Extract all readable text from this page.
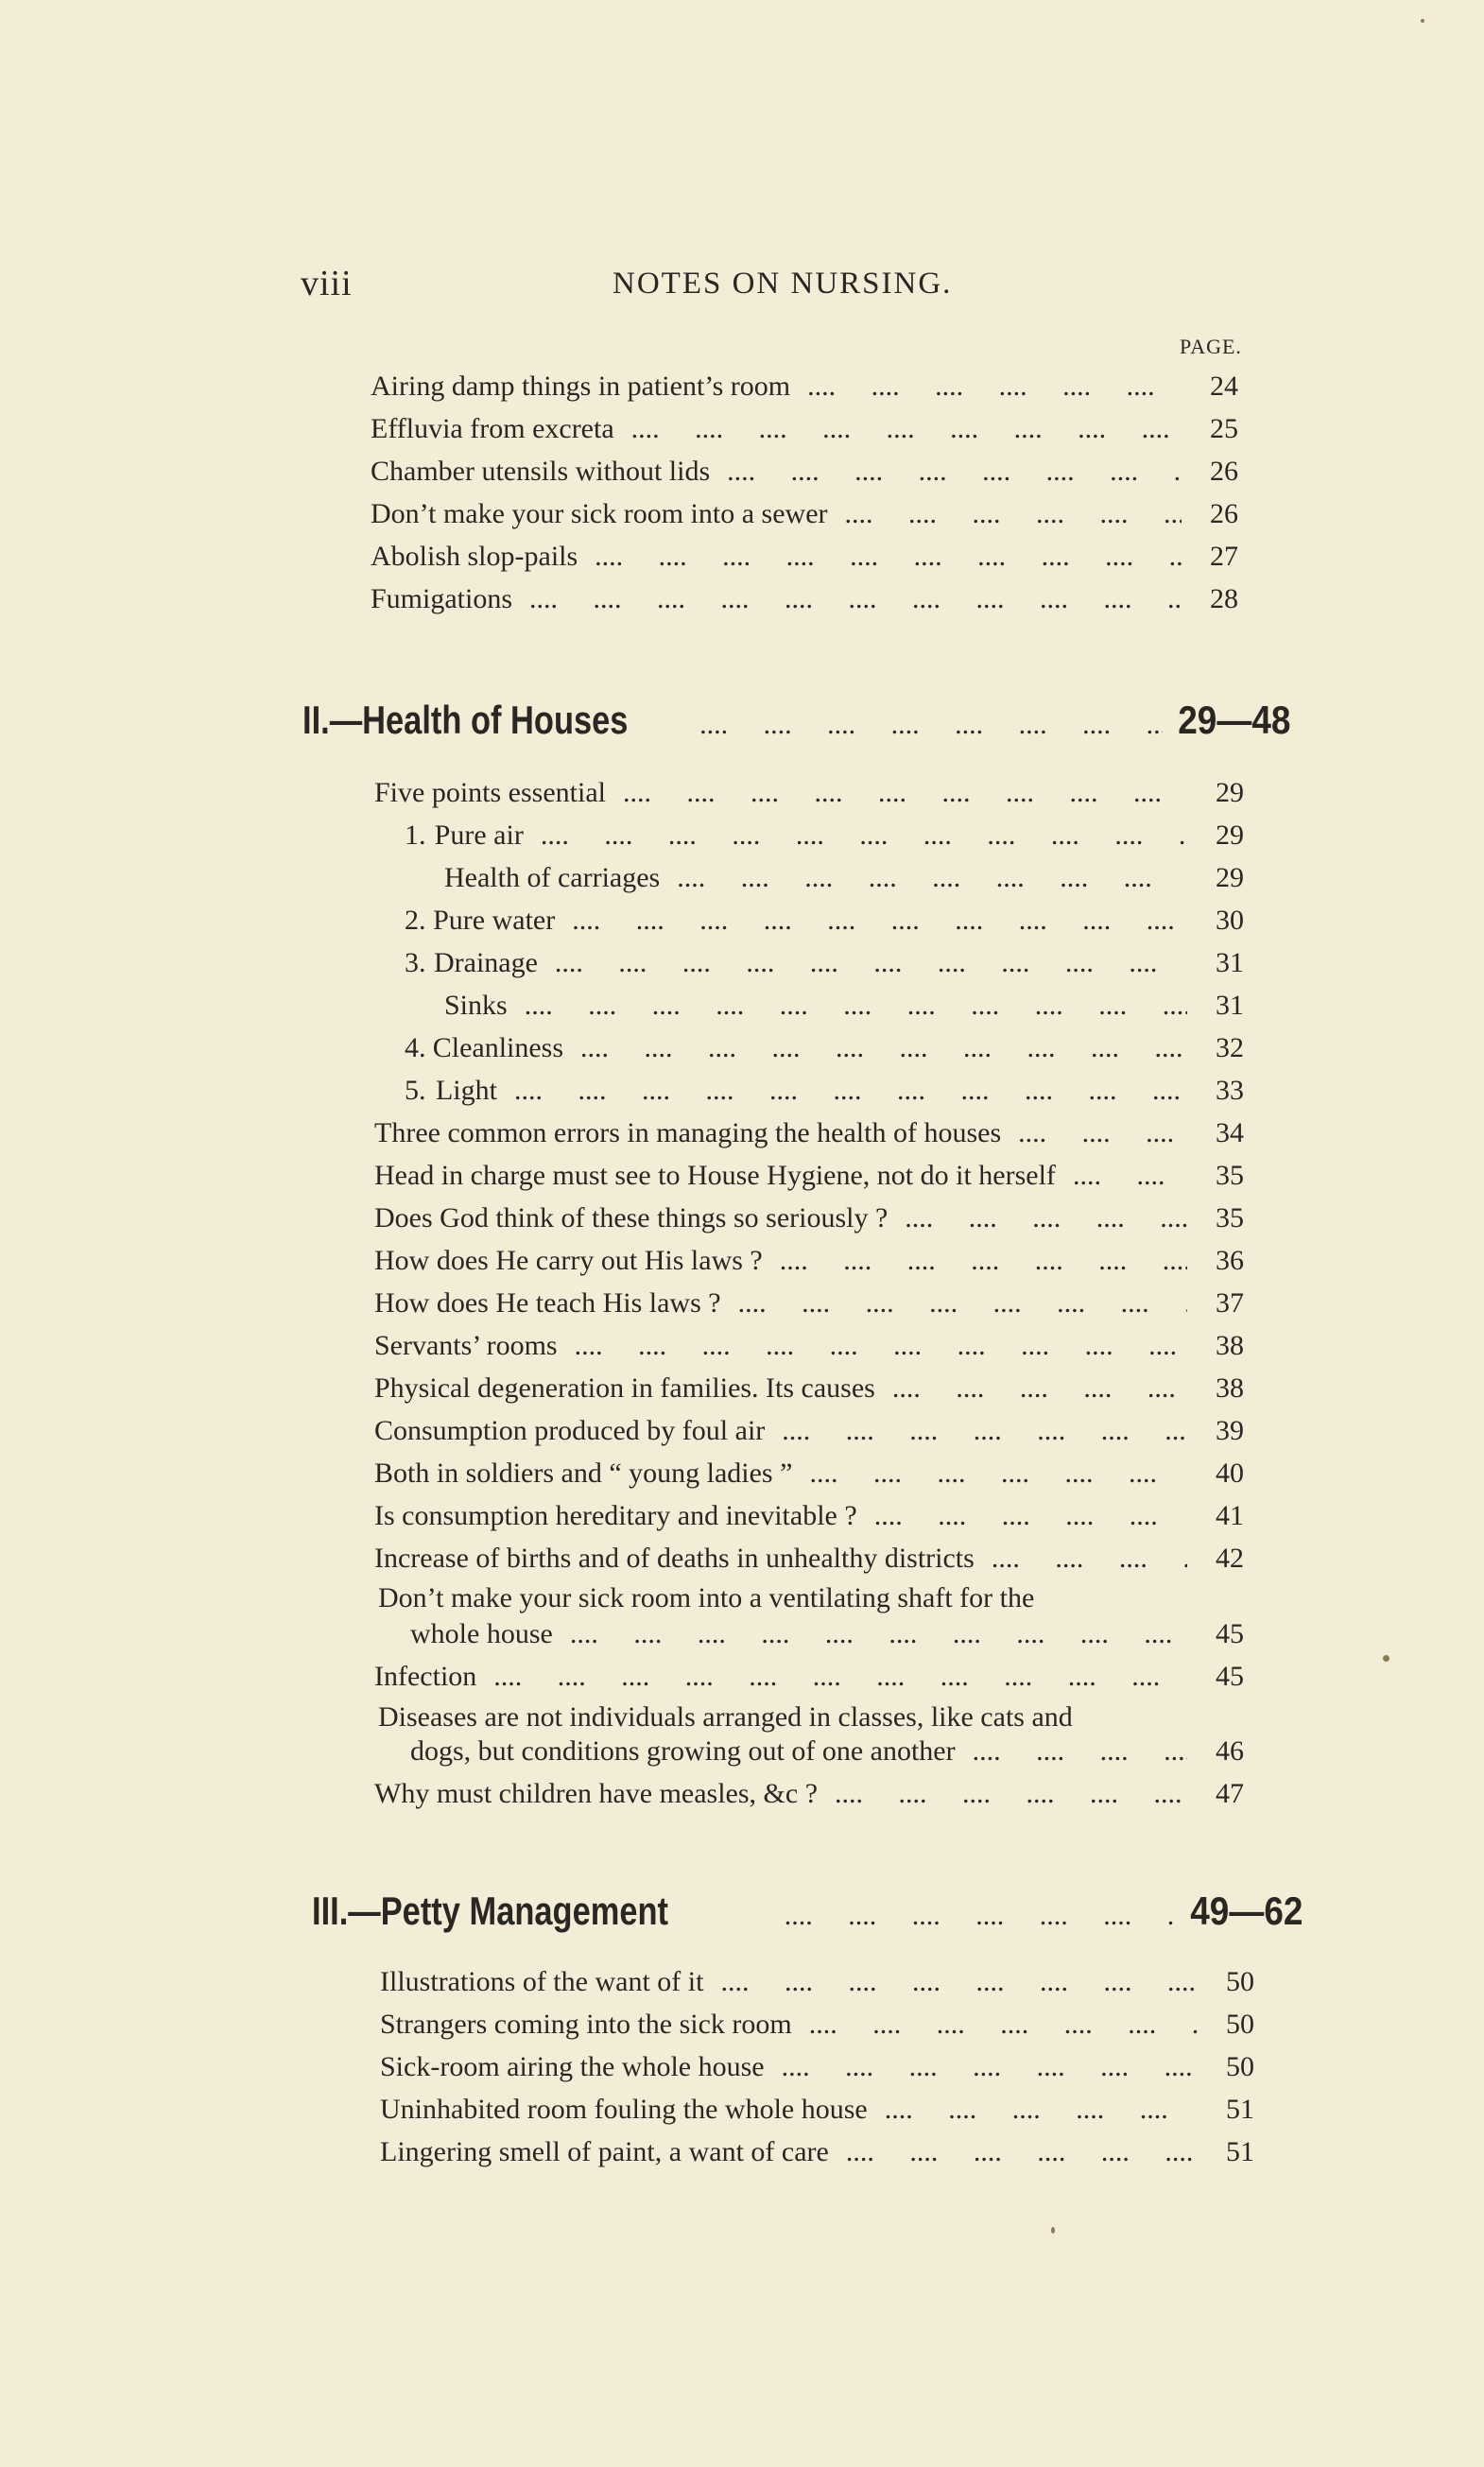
viii	NOTES ON NURSING.
PAGE.
Airing damp things in patient’s room ....	24
Effluvia from excreta ....	25
Chamber utensils without lids ....	26
Don’t make your sick room into a sewer ....	26
Abolish slop-pails ....	27
Fumigations ....	28
II.—Health of Houses ....	29—48
Five points essential ....	29
1. Pure air ....	29
Health of carriages ....	29
2. Pure water ....	30
3. Drainage ....	31
Sinks ....	31
4. Cleanliness ....	32
5. Light ....	33
Three common errors in managing the health of houses ....	34
Head in charge must see to House Hygiene, not do it herself ....	35
Does God think of these things so seriously ? ....	35
How does He carry out His laws ? ....	36
How does He teach His laws ? ....	37
Servants’ rooms ....	38
Physical degeneration in families. Its causes ....	38
Consumption produced by foul air ....	39
Both in soldiers and “ young ladies ” ....	40
Is consumption hereditary and inevitable ? ....	41
Increase of births and of deaths in unhealthy districts ....	42
Don’t make your sick room into a ventilating shaft for the
whole house ....	45
Infection ....	45
Diseases are not individuals arranged in classes, like cats and
dogs, but conditions growing out of one another ....	46
Why must children have measles, &c ? ....	47
III.—Petty Management ....	49—62
Illustrations of the want of it ....	50
Strangers coming into the sick room ....	50
Sick-room airing the whole house ....	50
Uninhabited room fouling the whole house ....	51
Lingering smell of paint, a want of care ....	51
